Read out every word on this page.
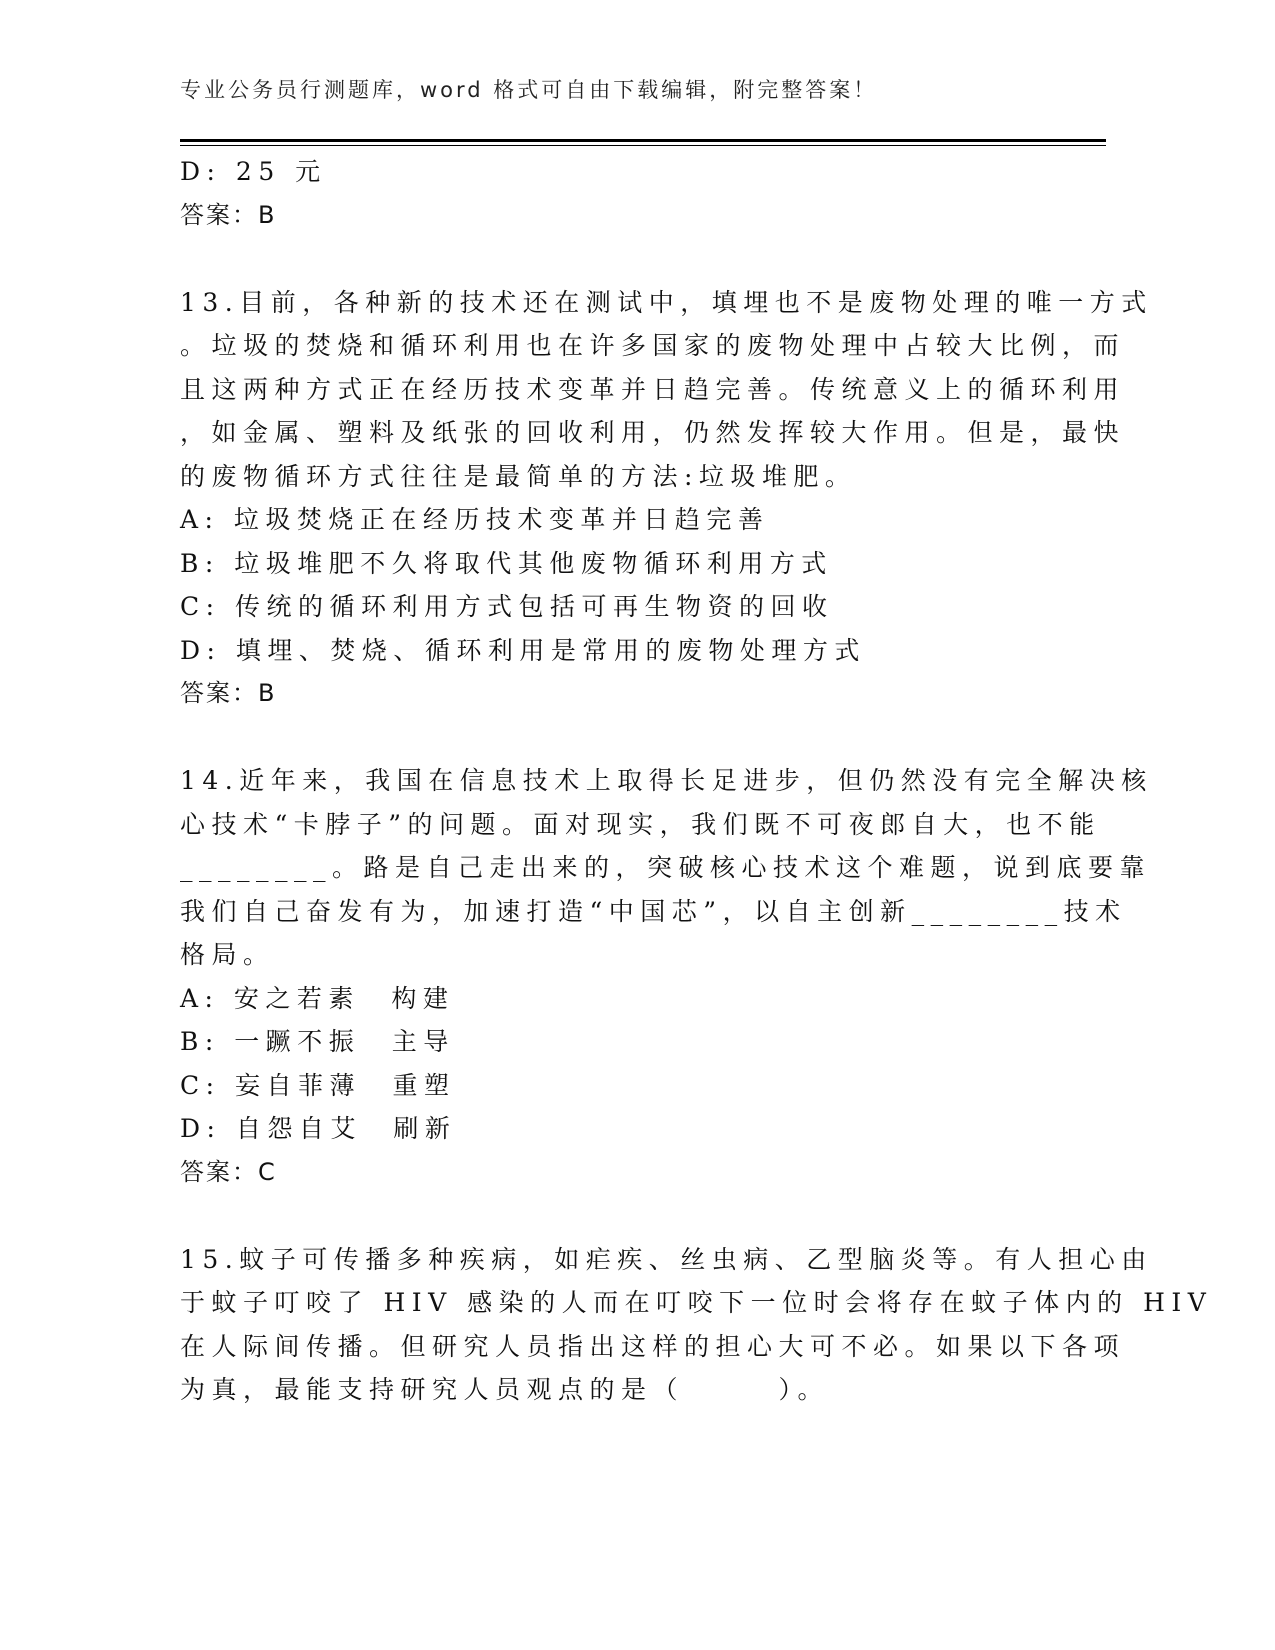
专业公务员行测题库，word 格式可自由下载编辑，附完整答案！
D: 25 元
答案：B
13.目前，各种新的技术还在测试中，填埋也不是废物处理的唯一方式
。垃圾的焚烧和循环利用也在许多国家的废物处理中占较大比例，而
且这两种方式正在经历技术变革并日趋完善。传统意义上的循环利用
，如金属、塑料及纸张的回收利用，仍然发挥较大作用。但是，最快
的废物循环方式往往是最简单的方法:垃圾堆肥。
A: 垃圾焚烧正在经历技术变革并日趋完善
B: 垃圾堆肥不久将取代其他废物循环利用方式
C: 传统的循环利用方式包括可再生物资的回收
D: 填埋、焚烧、循环利用是常用的废物处理方式
答案：B
14.近年来，我国在信息技术上取得长足进步，但仍然没有完全解决核
心技术“卡脖子”的问题。面对现实，我们既不可夜郎自大，也不能
________。路是自己走出来的，突破核心技术这个难题，说到底要靠
我们自己奋发有为，加速打造“中国芯”，以自主创新________技术
格局。
A: 安之若素　构建
B: 一蹶不振　主导
C: 妄自菲薄　重塑
D: 自怨自艾　刷新
答案：C
15.蚊子可传播多种疾病，如疟疾、丝虫病、乙型脑炎等。有人担心由
于蚊子叮咬了 HIV 感染的人而在叮咬下一位时会将存在蚊子体内的 HIV
在人际间传播。但研究人员指出这样的担心大可不必。如果以下各项
为真，最能支持研究人员观点的是（　　　）。
